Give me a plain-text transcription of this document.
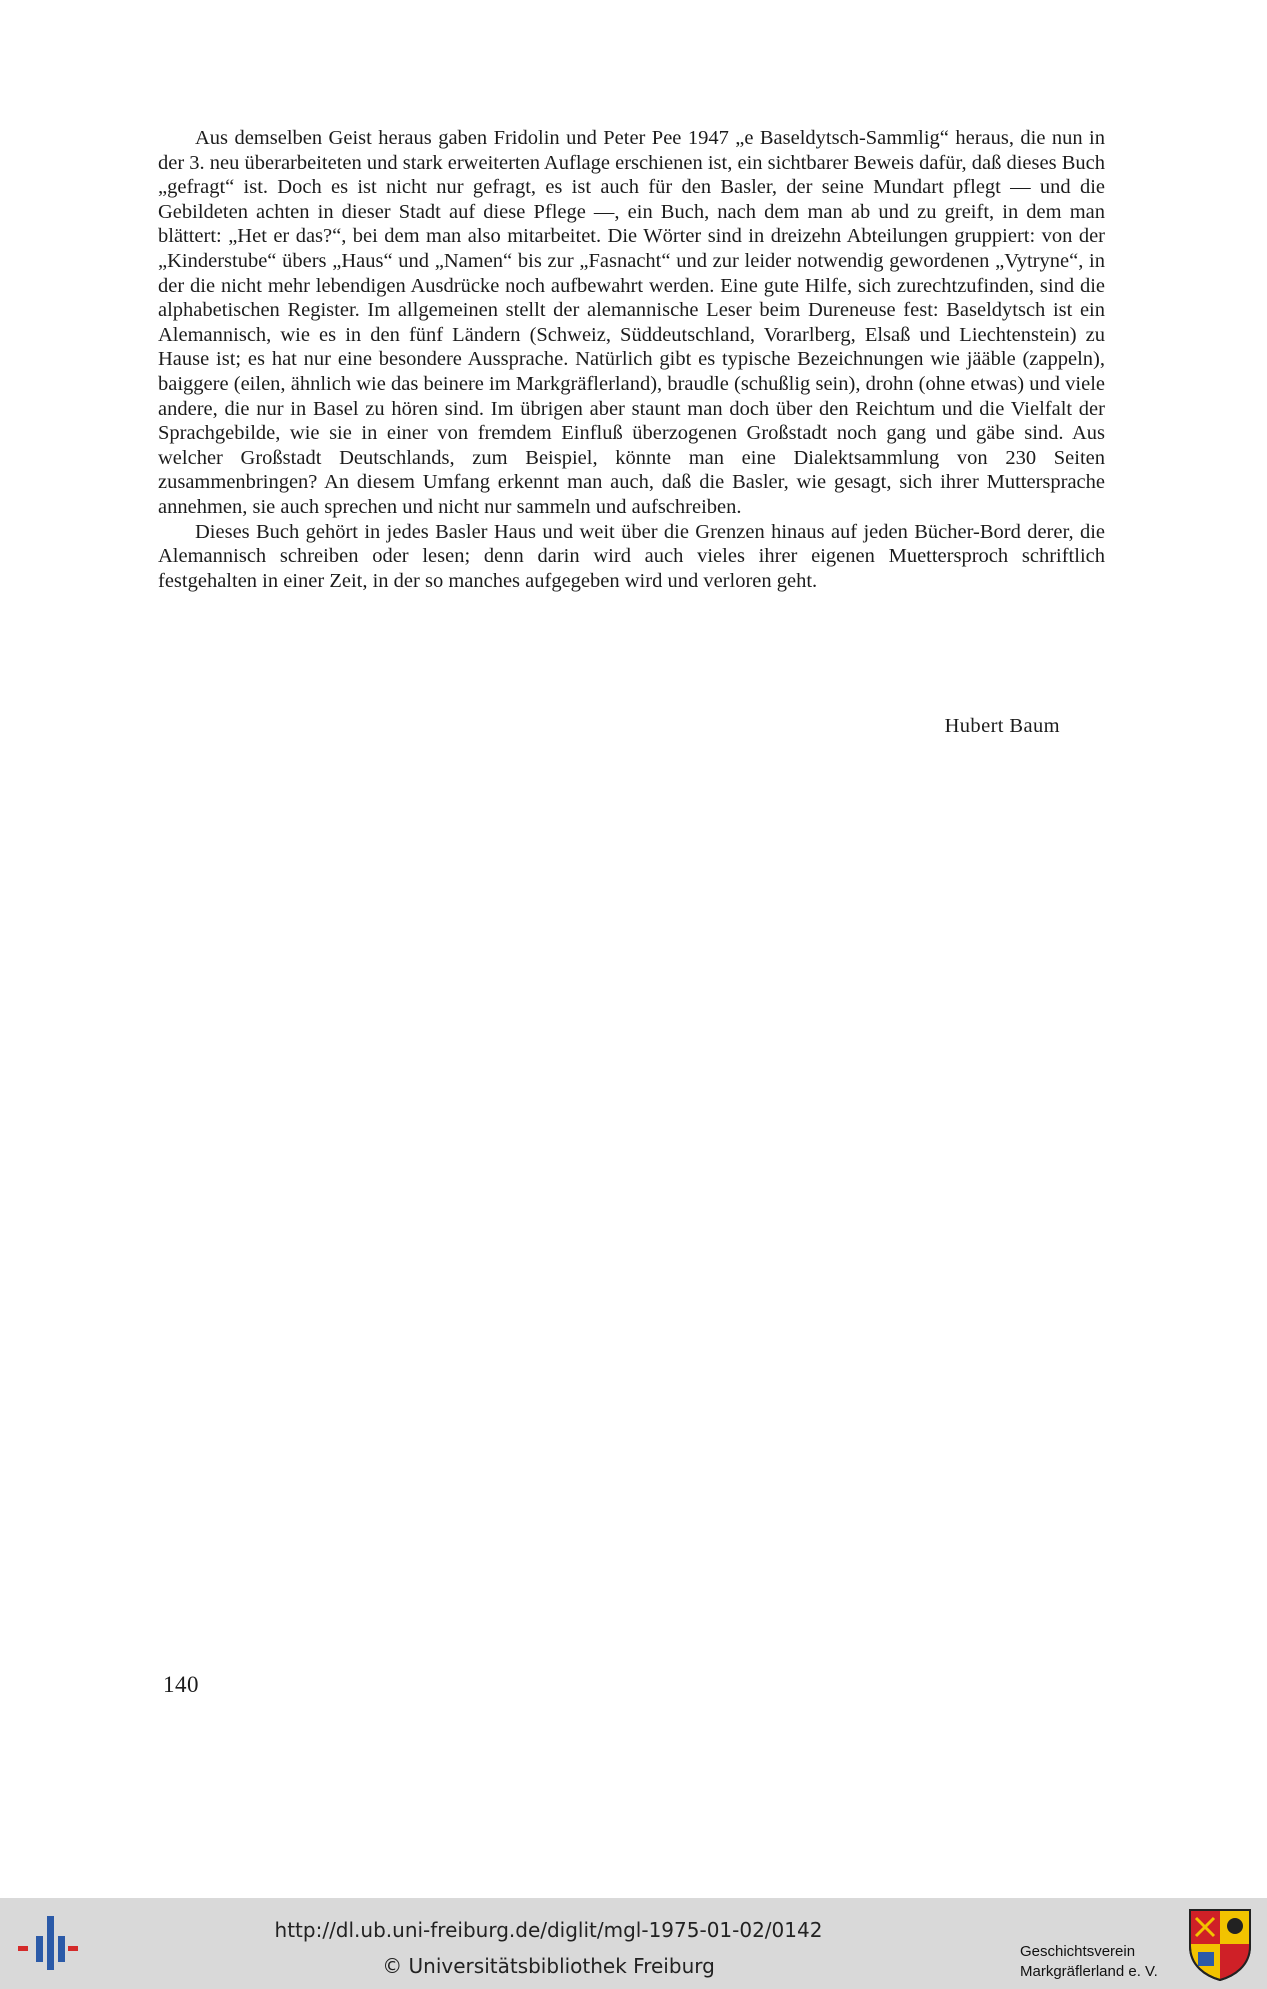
Aus demselben Geist heraus gaben Fridolin und Peter Pee 1947 „e Baseldytsch-Sammlig“ heraus, die nun in der 3. neu überarbeiteten und stark erweiterten Auflage erschienen ist, ein sichtbarer Beweis dafür, daß dieses Buch „gefragt“ ist. Doch es ist nicht nur gefragt, es ist auch für den Basler, der seine Mundart pflegt — und die Gebildeten achten in dieser Stadt auf diese Pflege —, ein Buch, nach dem man ab und zu greift, in dem man blättert: „Het er das?“, bei dem man also mitarbeitet. Die Wörter sind in dreizehn Abteilungen gruppiert: von der „Kinderstube“ übers „Haus“ und „Namen“ bis zur „Fasnacht“ und zur leider notwendig gewordenen „Vytryne“, in der die nicht mehr lebendigen Ausdrücke noch aufbewahrt werden. Eine gute Hilfe, sich zurechtzufinden, sind die alphabetischen Register. Im allgemeinen stellt der alemannische Leser beim Dureneuse fest: Baseldytsch ist ein Alemannisch, wie es in den fünf Ländern (Schweiz, Süddeutschland, Vorarlberg, Elsaß und Liechtenstein) zu Hause ist; es hat nur eine besondere Aussprache. Natürlich gibt es typische Bezeichnungen wie jääble (zappeln), baiggere (eilen, ähnlich wie das beinere im Markgräflerland), braudle (schußlig sein), drohn (ohne etwas) und viele andere, die nur in Basel zu hören sind. Im übrigen aber staunt man doch über den Reichtum und die Vielfalt der Sprachgebilde, wie sie in einer von fremdem Einfluß überzogenen Großstadt noch gang und gäbe sind. Aus welcher Großstadt Deutschlands, zum Beispiel, könnte man eine Dialektsammlung von 230 Seiten zusammenbringen? An diesem Umfang erkennt man auch, daß die Basler, wie gesagt, sich ihrer Muttersprache annehmen, sie auch sprechen und nicht nur sammeln und aufschreiben.

Dieses Buch gehört in jedes Basler Haus und weit über die Grenzen hinaus auf jeden Bücher-Bord derer, die Alemannisch schreiben oder lesen; denn darin wird auch vieles ihrer eigenen Muettersproch schriftlich festgehalten in einer Zeit, in der so manches aufgegeben wird und verloren geht.

Hubert Baum
140
http://dl.ub.uni-freiburg.de/diglit/mgl-1975-01-02/0142
© Universitätsbibliothek Freiburg
Geschichtsverein
Markgräflerland e. V.
